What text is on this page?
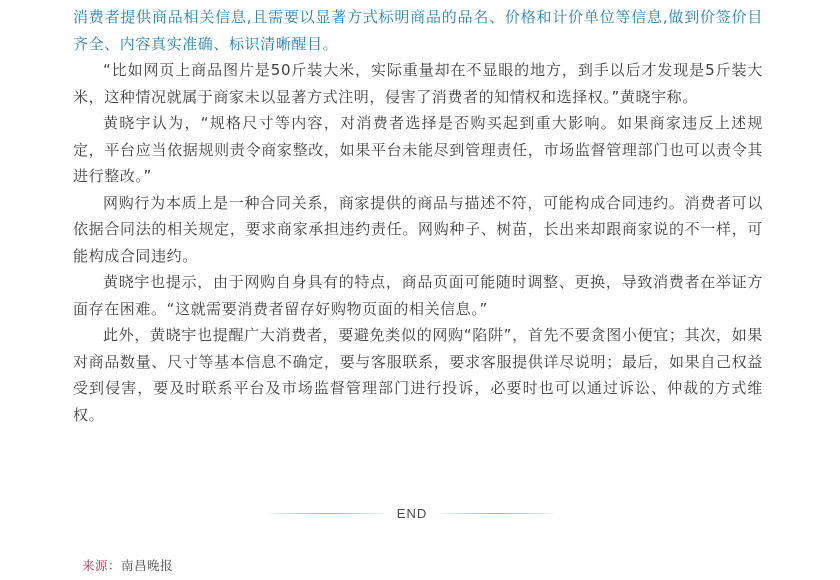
消费者提供商品相关信息,且需要以显著方式标明商品的品名、价格和计价单位等信息,做到价签价目齐全、内容真实准确、标识清晰醒目。

“比如网页上商品图片是50斤装大米，实际重量却在不显眼的地方，到手以后才发现是5斤装大米，这种情况就属于商家未以显著方式注明，侵害了消费者的知情权和选择权。”黄晓宇称。

黄晓宇认为，“规格尺寸等内容，对消费者选择是否购买起到重大影响。如果商家违反上述规定，平台应当依据规则责令商家整改，如果平台未能尽到管理责任，市场监督管理部门也可以责令其进行整改。”

网购行为本质上是一种合同关系，商家提供的商品与描述不符，可能构成合同违约。消费者可以依据合同法的相关规定，要求商家承担违约责任。网购种子、树苗，长出来却跟商家说的不一样，可能构成合同违约。

黄晓宇也提示，由于网购自身具有的特点，商品页面可能随时调整、更换，导致消费者在举证方面存在困难。“这就需要消费者留存好购物页面的相关信息。”

此外，黄晓宇也提醒广大消费者，要避免类似的网购“陷阱”，首先不要贪图小便宜；其次，如果对商品数量、尺寸等基本信息不确定，要与客服联系，要求客服提供详尽说明；最后，如果自己权益受到侵害，要及时联系平台及市场监督管理部门进行投诉，必要时也可以通过诉讼、仲裁的方式维权。

END
来源：南昌晚报
